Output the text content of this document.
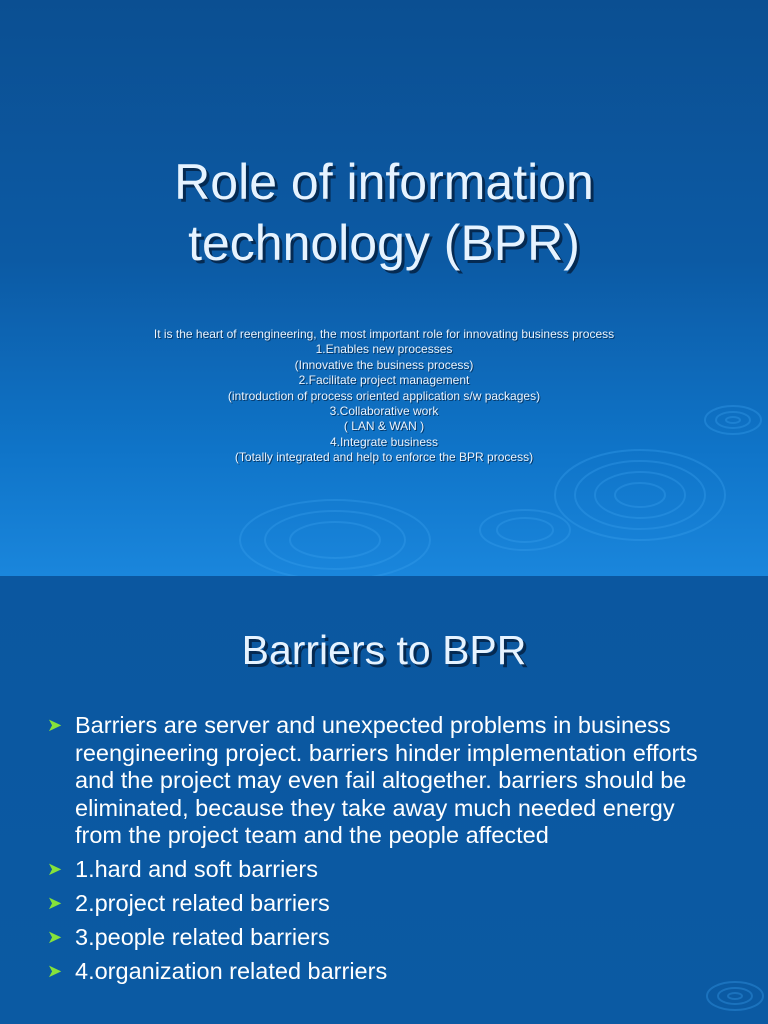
Role of information
technology (BPR)
It is the heart of reengineering, the most important role for innovating business process
1.Enables new processes
(Innovative the business process)
2.Facilitate project management
(introduction of process oriented application s/w packages)
3.Collaborative work
( LAN & WAN )
4.Integrate business
(Totally integrated and help to enforce the BPR process)
Barriers to BPR
➤ Barriers are server and unexpected problems in business reengineering project. barriers hinder implementation efforts and the project may even fail altogether. barriers should be eliminated, because they take away much needed energy from the project team and the people affected
➤ 1.hard and soft barriers
➤ 2.project related barriers
➤ 3.people related barriers
➤ 4.organization related barriers
